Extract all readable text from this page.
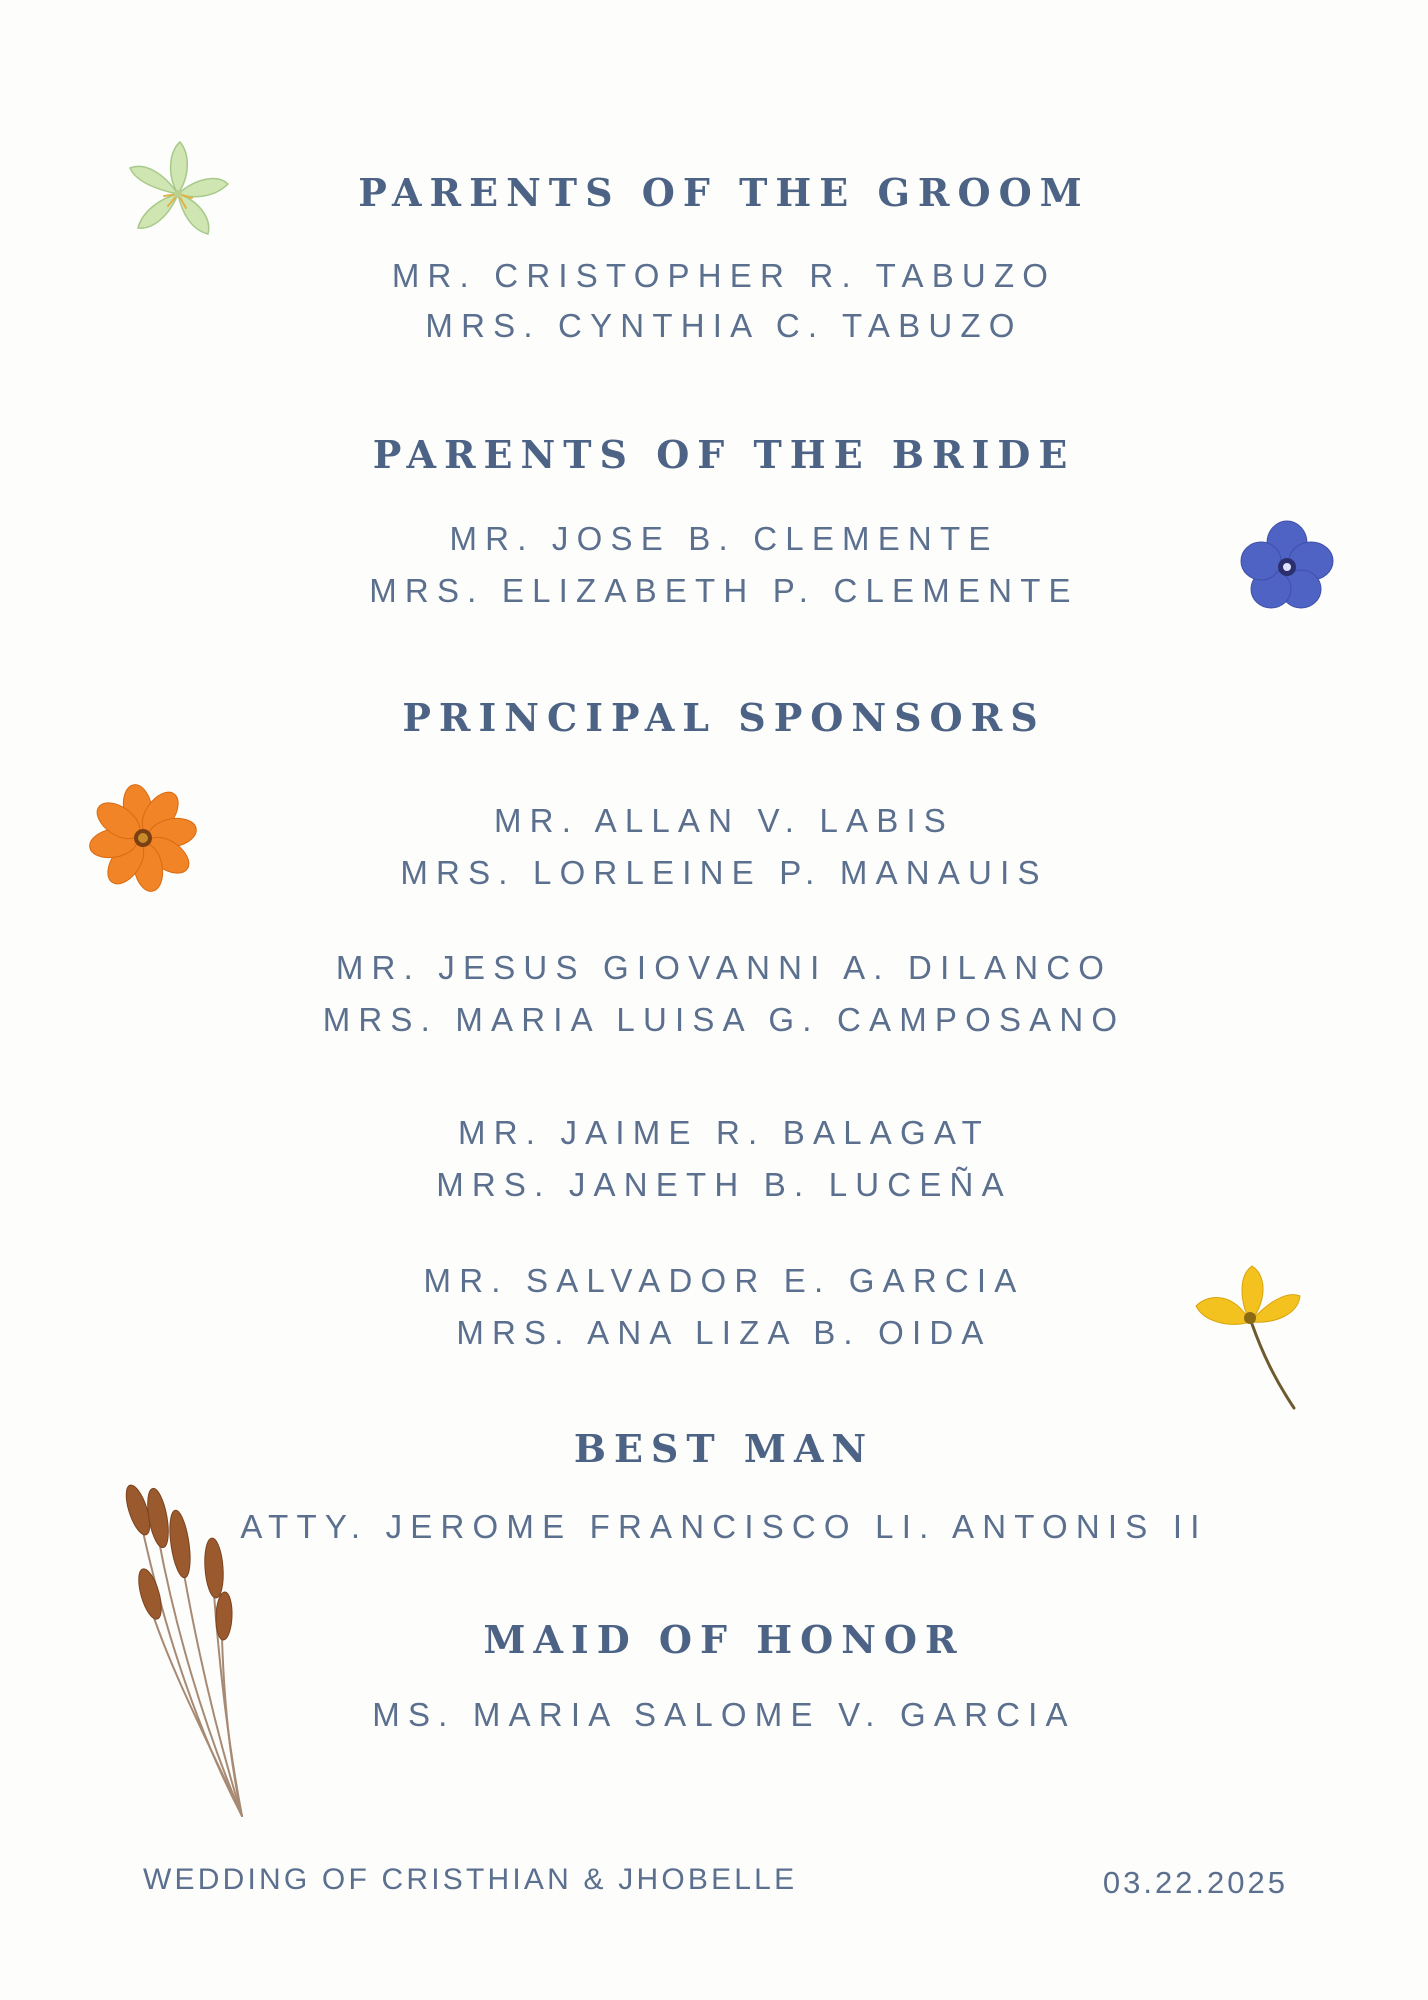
PARENTS OF THE GROOM
MR. CRISTOPHER R. TABUZO
MRS. CYNTHIA C. TABUZO
PARENTS OF THE BRIDE
MR. JOSE B. CLEMENTE
MRS. ELIZABETH P. CLEMENTE
PRINCIPAL SPONSORS
MR. ALLAN V. LABIS
MRS. LORLEINE P. MANAUIS
MR. JESUS GIOVANNI A. DILANCO
MRS. MARIA LUISA G. CAMPOSANO
MR. JAIME R. BALAGAT
MRS. JANETH B. LUCEÑA
MR. SALVADOR E. GARCIA
MRS. ANA LIZA B. OIDA
BEST MAN
ATTY. JEROME FRANCISCO LI. ANTONIS II
MAID OF HONOR
MS. MARIA SALOME V. GARCIA
WEDDING OF CRISTHIAN & JHOBELLE	03.22.2025
